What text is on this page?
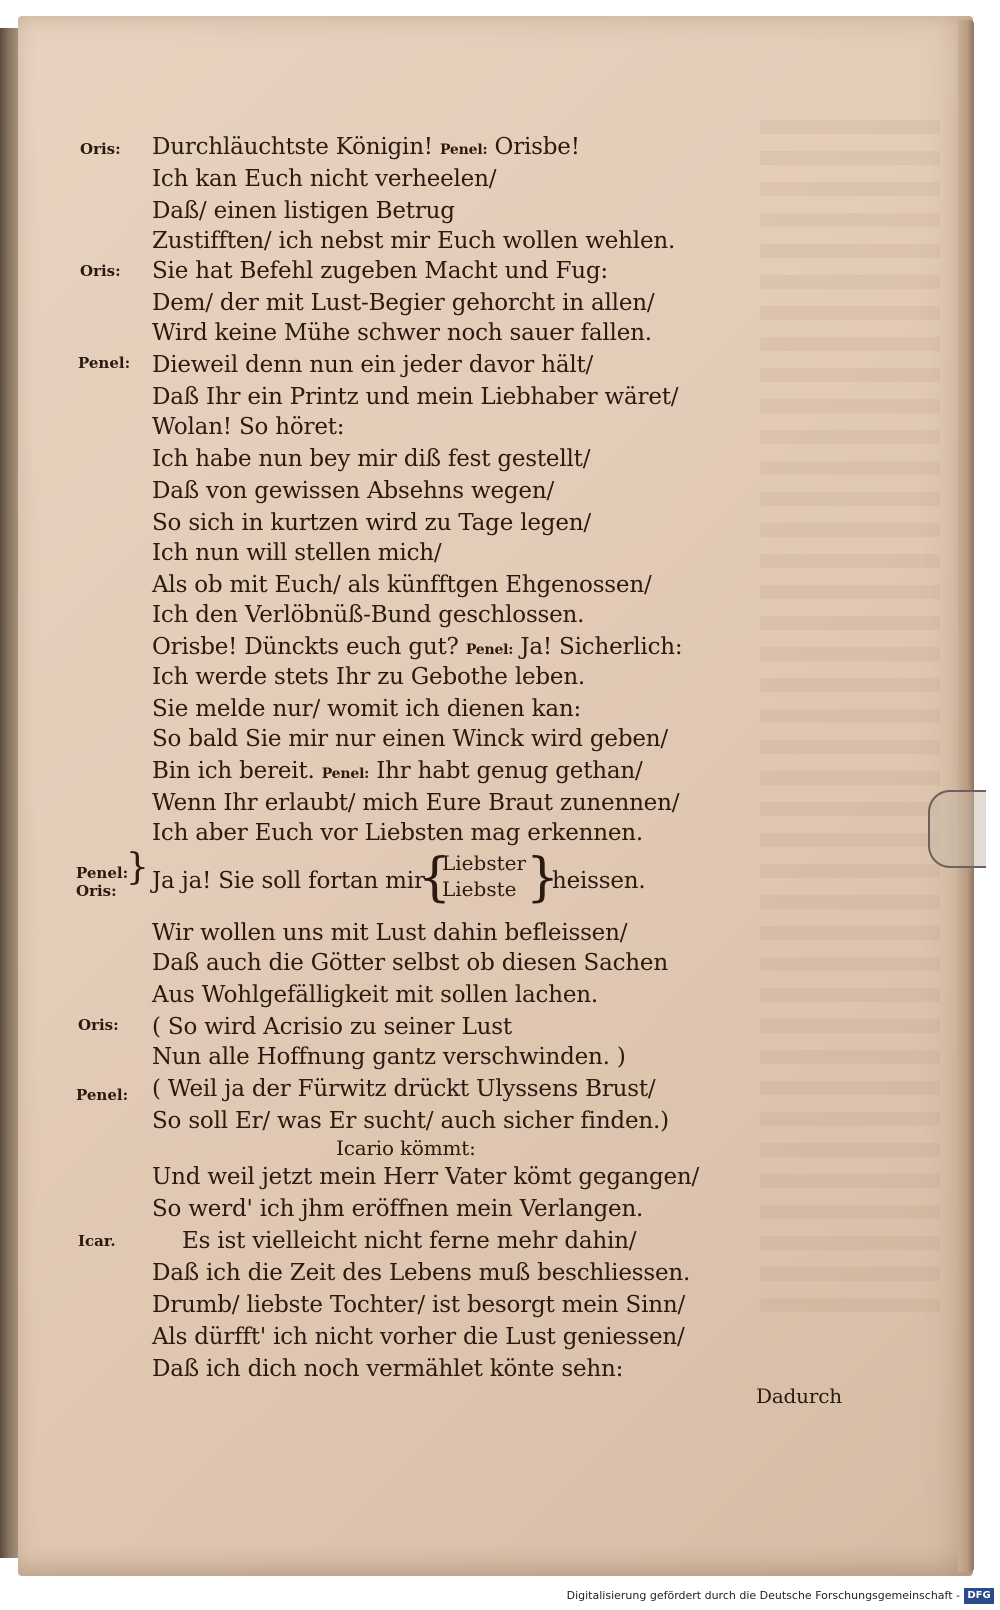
Oris:
Oris:
Penel:
Penel:
Oris:
}
Oris:
Penel:
Icar.
Durchläuchtste Königin! Penel: Orisbe!
Ich kan Euch nicht verheelen/
Daß/ einen listigen Betrug
Zustifften/ ich nebst mir Euch wollen wehlen.
Sie hat Befehl zugeben Macht und Fug:
Dem/ der mit Lust-Begier gehorcht in allen/
Wird keine Mühe schwer noch sauer fallen.
Dieweil denn nun ein jeder davor hält/
Daß Ihr ein Printz und mein Liebhaber wäret/
Wolan! So höret:
Ich habe nun bey mir diß fest gestellt/
Daß von gewissen Absehns wegen/
So sich in kurtzen wird zu Tage legen/
Ich nun will stellen mich/
Als ob mit Euch/ als künfftgen Ehgenossen/
Ich den Verlöbnüß-Bund geschlossen.
Orisbe! Dünckts euch gut? Penel: Ja! Sicherlich:
Ich werde stets Ihr zu Gebothe leben.
Sie melde nur/ womit ich dienen kan:
So bald Sie mir nur einen Winck wird geben/
Bin ich bereit. Penel: Ihr habt genug gethan/
Wenn Ihr erlaubt/ mich Eure Braut zunennen/
Ich aber Euch vor Liebsten mag erkennen.
Ja ja! Sie soll fortan mir
{
Liebster
Liebste }
heissen.
Wir wollen uns mit Lust dahin befleissen/
Daß auch die Götter selbst ob diesen Sachen
Aus Wohlgefälligkeit mit sollen lachen.
( So wird Acrisio zu seiner Lust
Nun alle Hoffnung gantz verschwinden. )
( Weil ja der Fürwitz drückt Ulyssens Brust/
So soll Er/ was Er sucht/ auch sicher finden.)
Icario kömmt:
Und weil jetzt mein Herr Vater kömt gegangen/
So werd' ich jhm eröffnen mein Verlangen.
Es ist vielleicht nicht ferne mehr dahin/
Daß ich die Zeit des Lebens muß beschliessen.
Drumb/ liebste Tochter/ ist besorgt mein Sinn/
Als dürfft' ich nicht vorher die Lust geniessen/
Daß ich dich noch vermählet könte sehn:
Dadurch
Digitalisierung gefördert durch die Deutsche Forschungsgemeinschaft - DFG
